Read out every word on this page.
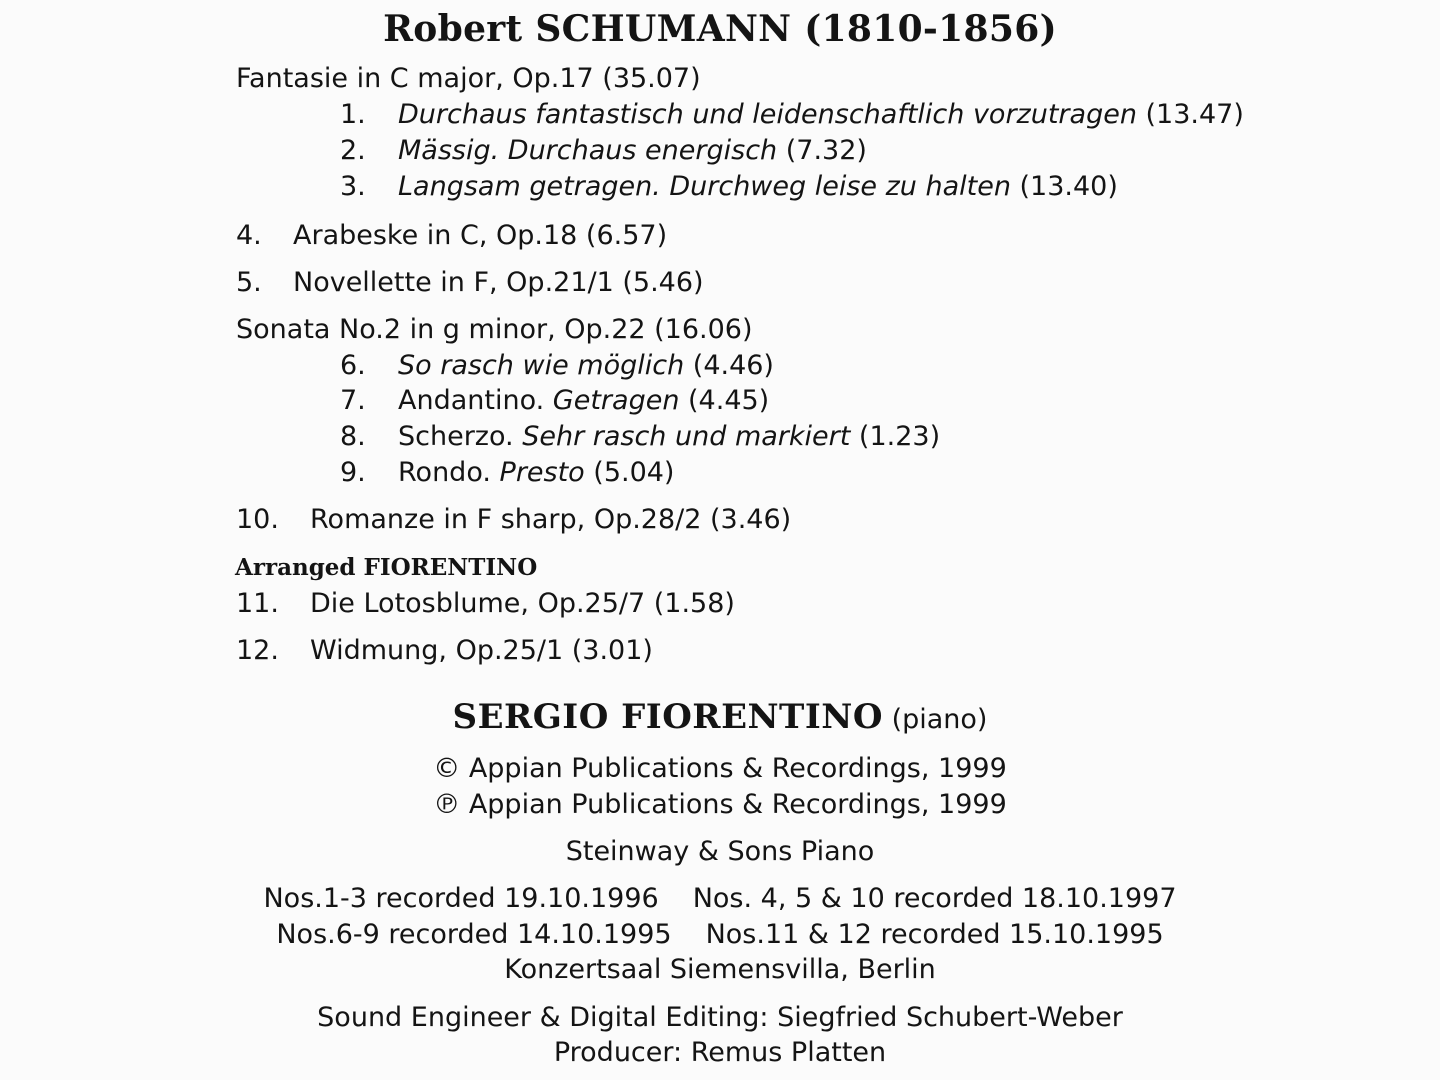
Robert SCHUMANN (1810-1856)
Fantasie in C major, Op.17 (35.07)
1. Durchaus fantastisch und leidenschaftlich vorzutragen (13.47)
2. Mässig. Durchaus energisch (7.32)
3. Langsam getragen. Durchweg leise zu halten (13.40)
4. Arabeske in C, Op.18 (6.57)
5. Novellette in F, Op.21/1 (5.46)
Sonata No.2 in g minor, Op.22 (16.06)
6. So rasch wie möglich (4.46)
7. Andantino. Getragen (4.45)
8. Scherzo. Sehr rasch und markiert (1.23)
9. Rondo. Presto (5.04)
10. Romanze in F sharp, Op.28/2 (3.46)
Arranged FIORENTINO
11. Die Lotosblume, Op.25/7 (1.58)
12. Widmung, Op.25/1 (3.01)
SERGIO FIORENTINO (piano)
© Appian Publications & Recordings, 1999
℗ Appian Publications & Recordings, 1999
Steinway & Sons Piano
Nos.1-3 recorded 19.10.1996 Nos. 4, 5 & 10 recorded 18.10.1997
Nos.6-9 recorded 14.10.1995 Nos.11 & 12 recorded 15.10.1995
Konzertsaal Siemensvilla, Berlin
Sound Engineer & Digital Editing: Siegfried Schubert-Weber
Producer: Remus Platten
